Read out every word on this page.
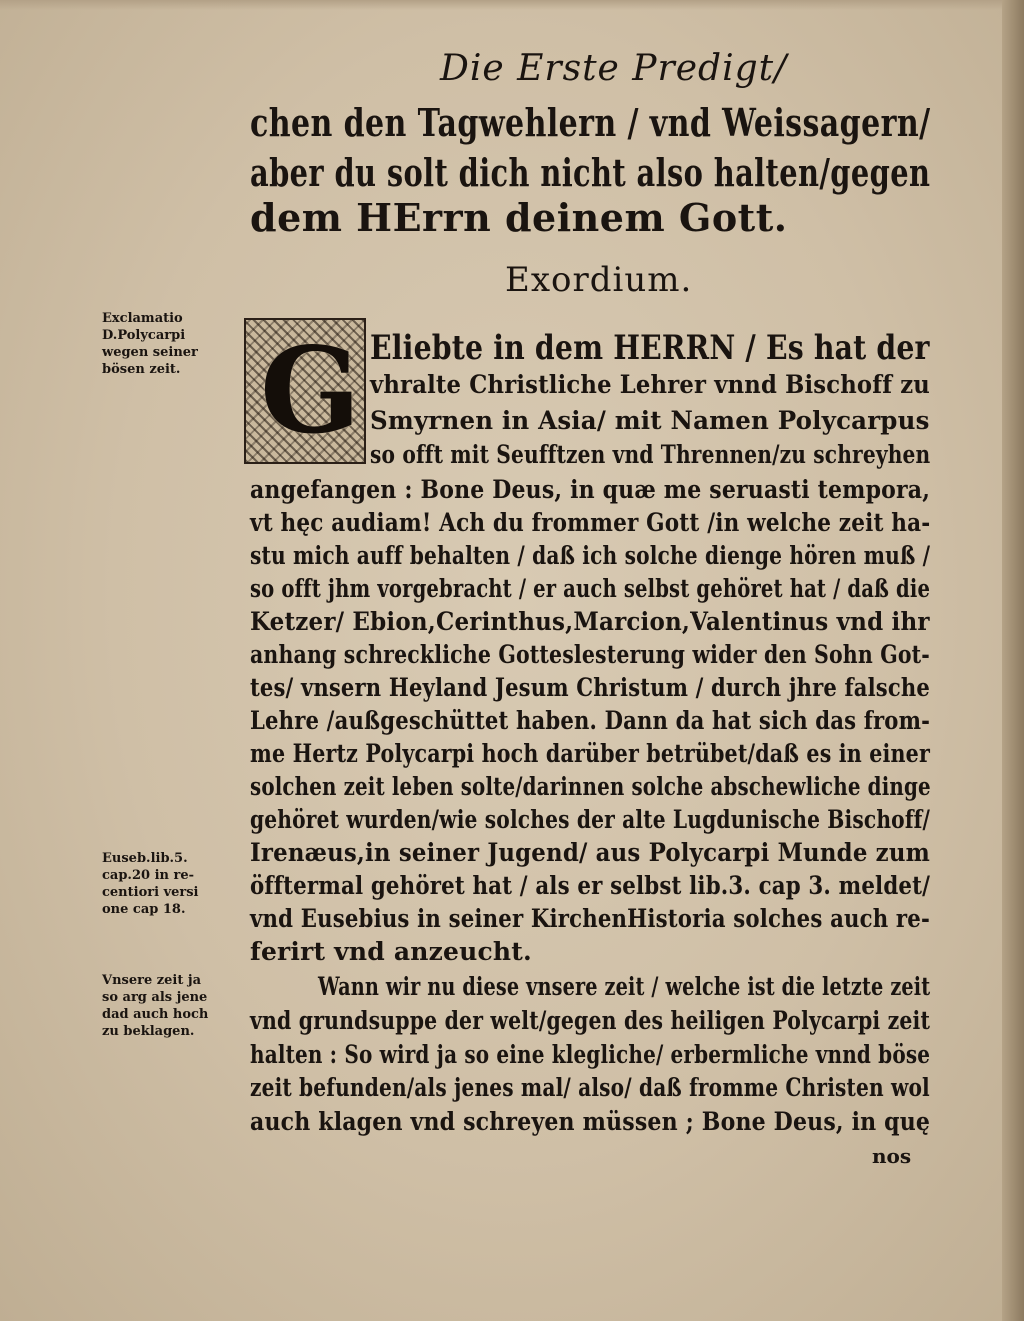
Die Erste Predigt/
chen den Tagwehlern / vnd Weissagern/
aber du solt dich nicht also halten/gegen
dem HErrn deinem Gott.
Exordium.
Exclamatio
D.Polycarpi
wegen seiner
bösen zeit.
Euseb.lib.5.
cap.20 in re-
centiori versi
one cap 18.
Vnsere zeit ja
so arg als jene
dad auch hoch
zu beklagen.
G Eliebte in dem HERRN / Es hat der
vhralte Christliche Lehrer vnnd Bischoff zu
Smyrnen in Asia/ mit Namen Polycarpus
so offt mit Seufftzen vnd Thrennen/zu schreyhen
angefangen : Bone Deus, in quæ me seruasti tempora,
vt hęc audiam! Ach du frommer Gott /in welche zeit ha-
stu mich auff behalten / daß ich solche dienge hören muß /
so offt jhm vorgebracht / er auch selbst gehöret hat / daß die
Ketzer/ Ebion,Cerinthus,Marcion,Valentinus vnd ihr
anhang schreckliche Gotteslesterung wider den Sohn Got-
tes/ vnsern Heyland Jesum Christum / durch jhre falsche
Lehre /außgeschüttet haben. Dann da hat sich das from-
me Hertz Polycarpi hoch darüber betrübet/daß es in einer
solchen zeit leben solte/darinnen solche abschewliche dinge
gehöret wurden/wie solches der alte Lugdunische Bischoff/
Irenæus,in seiner Jugend/ aus Polycarpi Munde zum
öfftermal gehöret hat / als er selbst lib.3. cap 3. meldet/
vnd Eusebius in seiner KirchenHistoria solches auch re-
ferirt vnd anzeucht.
Wann wir nu diese vnsere zeit / welche ist die letzte zeit
vnd grundsuppe der welt/gegen des heiligen Polycarpi zeit
halten : So wird ja so eine klegliche/ erbermliche vnnd böse
zeit befunden/als jenes mal/ also/ daß fromme Christen wol
auch klagen vnd schreyen müssen ; Bone Deus, in quę
nos
